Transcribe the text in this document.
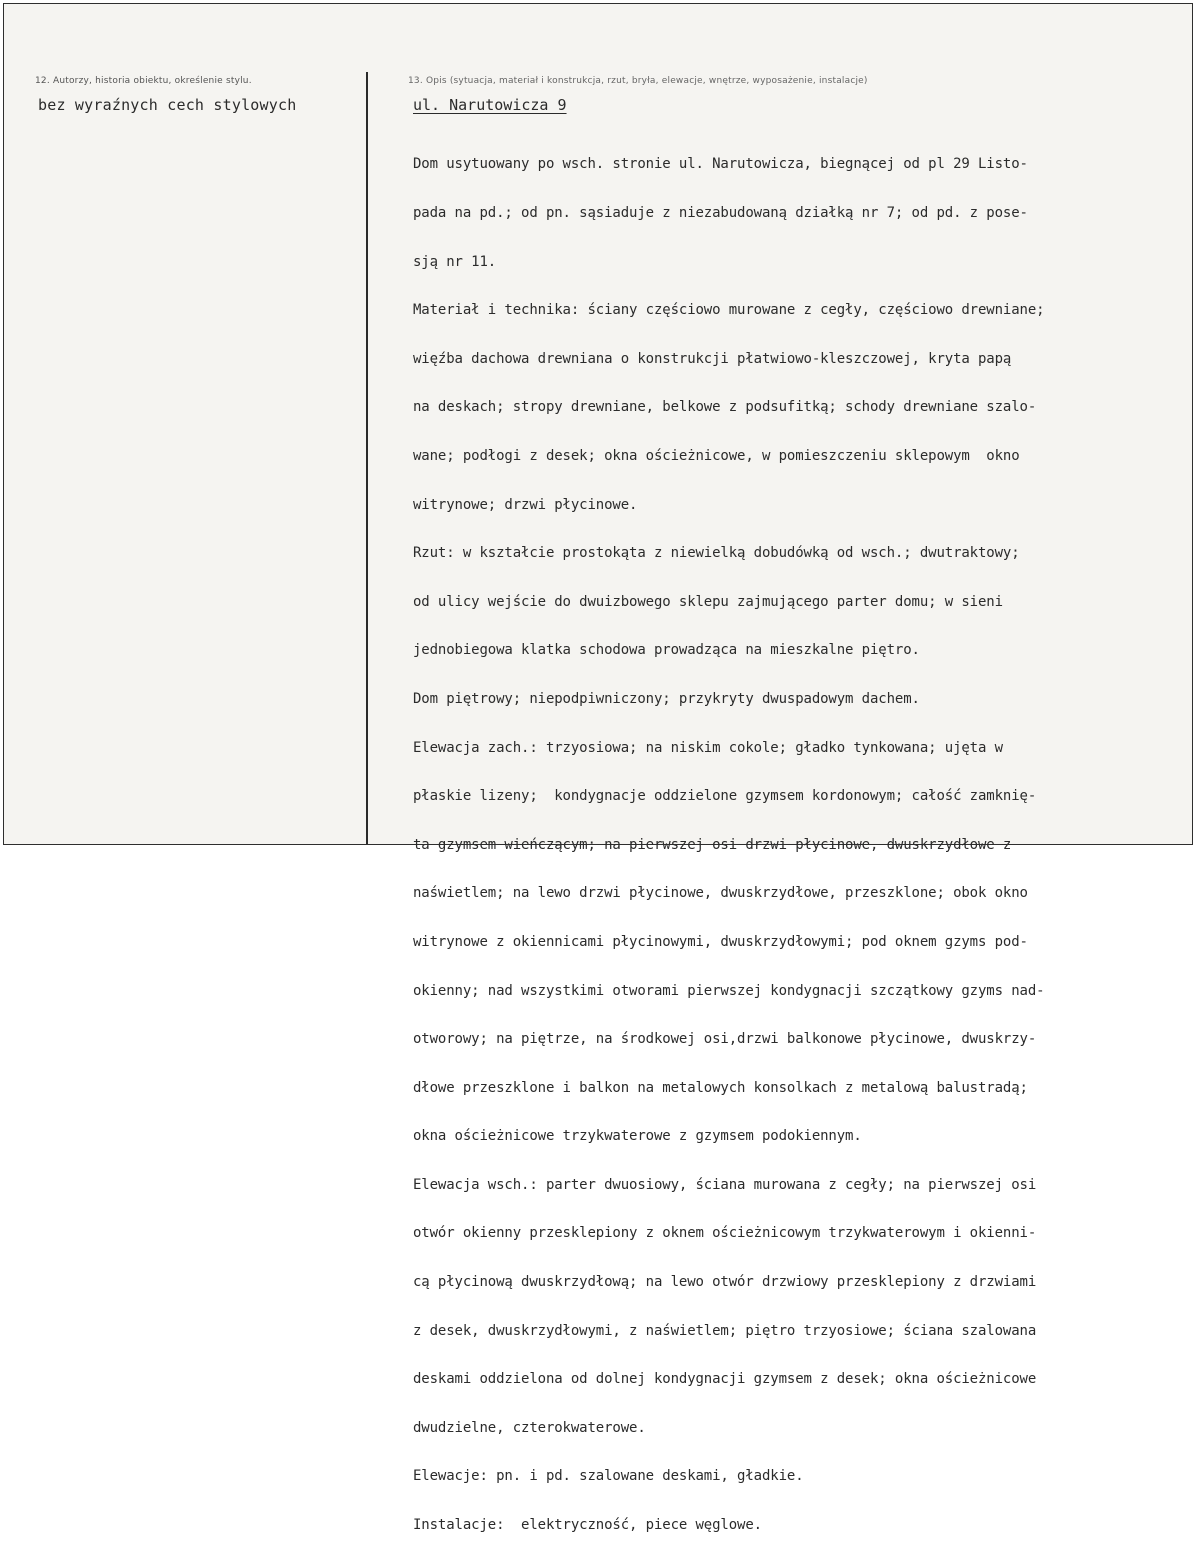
12. Autorzy, historia obiektu, określenie stylu.	13. Opis (sytuacja, materiał i konstrukcja, rzut, bryła, elewacje, wnętrze, wyposażenie, instalacje)
bez wyraźnych cech stylowych	ul. Narutowicza 9

Dom usytuowany po wsch. stronie ul. Narutowicza, biegnącej od pl 29 Listo-

pada na pd.; od pn. sąsiaduje z niezabudowaną działką nr 7; od pd. z pose-

sją nr 11.

Materiał i technika: ściany częściowo murowane z cegły, częściowo drewniane;

więźba dachowa drewniana o konstrukcji płatwiowo-kleszczowej, kryta papą

na deskach; stropy drewniane, belkowe z podsufitką; schody drewniane szalo-

wane; podłogi z desek; okna ościeżnicowe, w pomieszczeniu sklepowym  okno

witrynowe; drzwi płycinowe.

Rzut: w kształcie prostokąta z niewielką dobudówką od wsch.; dwutraktowy;

od ulicy wejście do dwuizbowego sklepu zajmującego parter domu; w sieni

jednobiegowa klatka schodowa prowadząca na mieszkalne piętro.

Dom piętrowy; niepodpiwniczony; przykryty dwuspadowym dachem.

Elewacja zach.: trzyosiowa; na niskim cokole; gładko tynkowana; ujęta w

płaskie lizeny;  kondygnacje oddzielone gzymsem kordonowym; całość zamknię-

ta gzymsem wieńczącym; na pierwszej osi drzwi płycinowe, dwuskrzydłowe z

naświetlem; na lewo drzwi płycinowe, dwuskrzydłowe, przeszklone; obok okno

witrynowe z okiennicami płycinowymi, dwuskrzydłowymi; pod oknem gzyms pod-

okienny; nad wszystkimi otworami pierwszej kondygnacji szczątkowy gzyms nad-

otworowy; na piętrze, na środkowej osi,drzwi balkonowe płycinowe, dwuskrzy-

dłowe przeszklone i balkon na metalowych konsolkach z metalową balustradą;

okna ościeżnicowe trzykwaterowe z gzymsem podokiennym.

Elewacja wsch.: parter dwuosiowy, ściana murowana z cegły; na pierwszej osi

otwór okienny przesklepiony z oknem ościeżnicowym trzykwaterowym i okienni-

cą płycinową dwuskrzydłową; na lewo otwór drzwiowy przesklepiony z drzwiami

z desek, dwuskrzydłowymi, z naświetlem; piętro trzyosiowe; ściana szalowana

deskami oddzielona od dolnej kondygnacji gzymsem z desek; okna ościeżnicowe

dwudzielne, czterokwaterowe.

Elewacje: pn. i pd. szalowane deskami, gładkie.

Instalacje:  elektryczność, piece węglowe.
